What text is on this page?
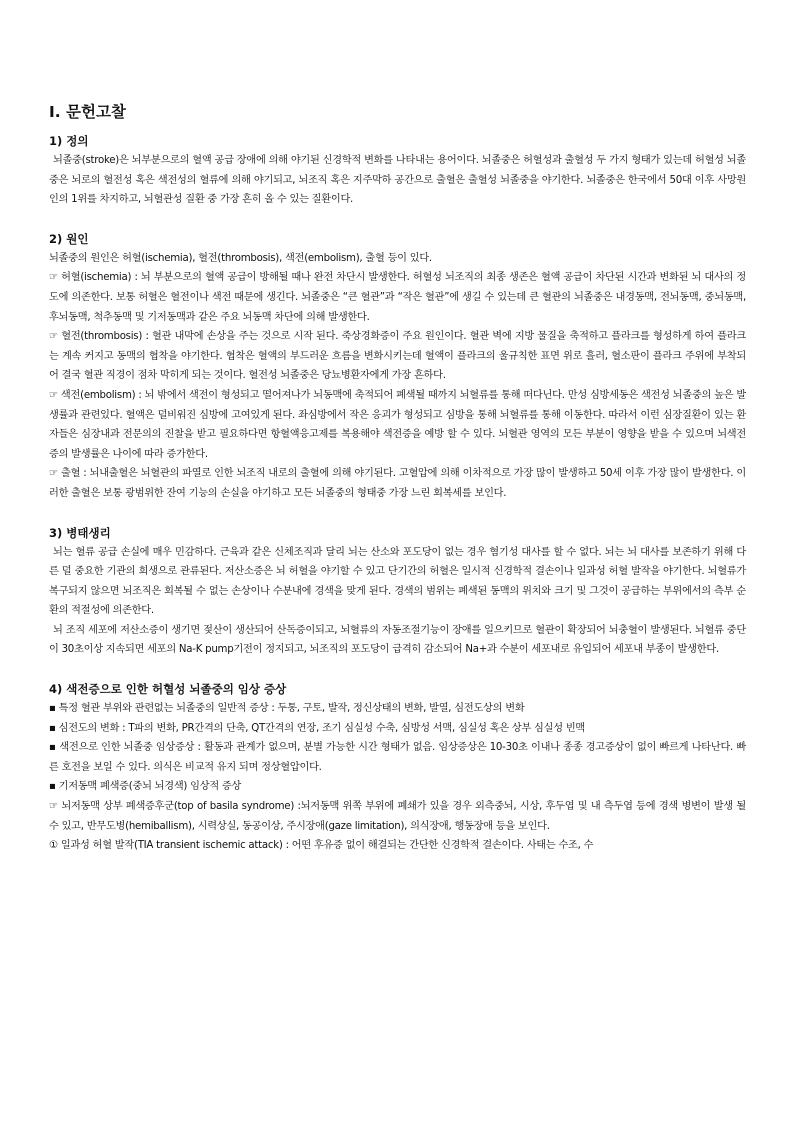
Ⅰ. 문헌고찰
1) 정의
뇌졸중(stroke)은 뇌부분으로의 혈액 공급 장애에 의해 야기된 신경학적 변화를 나타내는 용어이다. 뇌졸중은 허혈성과 출혈성 두 가지 형태가 있는데 허혈성 뇌졸중은 뇌로의 혈전성 혹은 색전성의 혈류에 의해 야기되고, 뇌조직 혹은 지주막하 공간으로 출혈은 출혈성 뇌졸중을 야기한다. 뇌졸중은 한국에서 50대 이후 사망원인의 1위를 차지하고, 뇌혈관성 질환 중 가장 흔히 올 수 있는 질환이다.
2) 원인
뇌졸중의 원인은 허혈(ischemia), 혈전(thrombosis), 색전(embolism), 출혈 등이 있다.
☞ 허혈(ischemia) : 뇌 부분으로의 혈액 공급이 방해될 때나 완전 차단시 발생한다. 허혈성 뇌조직의 최종 생존은 혈액 공급이 차단된 시간과 변화된 뇌 대사의 정도에 의존한다. 보통 허혈은 혈전이나 색전 때문에 생긴다. 뇌졸중은 “큰 혈관”과 “작은 혈관”에 생길 수 있는데 큰 혈관의 뇌졸중은 내경동맥, 전뇌동맥, 중뇌동맥, 후뇌동맥, 척추동맥 및 기저동맥과 같은 주요 뇌동맥 차단에 의해 발생한다.
☞ 혈전(thrombosis) : 혈관 내막에 손상을 주는 것으로 시작 된다. 죽상경화증이 주요 원인이다. 혈관 벽에 지방 물질을 축적하고 플라크를 형성하게 하여 플라크는 계속 커지고 동맥의 협착을 야기한다. 협착은 혈액의 부드러운 흐름을 변화시키는데 혈액이 플라크의 울규칙한 표면 위로 흘러, 혈소판이 플라크 주위에 부착되어 결국 혈관 직경이 점차 막히게 되는 것이다. 혈전성 뇌졸중은 당뇨병환자에게 가장 흔하다.
☞ 색전(embolism) : 뇌 밖에서 색전이 형성되고 떨어져나가 뇌동맥에 축적되어 폐색될 때까지 뇌혈류를 통해 떠다닌다. 만성 심방세동은 색전성 뇌졸중의 높은 발생률과 관련있다. 혈액은 덜비워진 심방에 고여있게 된다. 좌심방에서 작은 응괴가 형성되고 심방을 통해 뇌혈류를 통해 이동한다. 따라서 이런 심장질환이 있는 환자들은 심장내과 전문의의 진찰을 받고 필요하다면 항혈액응고제를 복용해야 색전증을 예방 할 수 있다. 뇌혈관 영역의 모든 부분이 영향을 받을 수 있으며 뇌색전증의 발생률은 나이에 따라 증가한다.
☞ 출혈 : 뇌내출혈은 뇌혈관의 파열로 인한 뇌조직 내로의 출혈에 의해 야기된다. 고혈압에 의해 이차적으로 가장 많이 발생하고 50세 이후 가장 많이 발생한다. 이러한 출혈은 보통 광범위한 잔여 기능의 손실을 야기하고 모든 뇌졸중의 형태중 가장 느린 회복세를 보인다.
3) 병태생리
뇌는 혈류 공급 손실에 매우 민감하다. 근육과 같은 신체조직과 달리 뇌는 산소와 포도당이 없는 경우 혐기성 대사를 할 수 없다. 뇌는 뇌 대사를 보존하기 위해 다른 덜 중요한 기관의 희생으로 관류된다. 저산소증은 뇌 허혈을 야기할 수 있고 단기간의 허혈은 일시적 신경학적 결손이나 일과성 허혈 발작을 야기한다. 뇌혈류가 복구되지 않으면 뇌조직은 회복될 수 없는 손상이나 수분내에 경색을 맞게 된다. 경색의 범위는 폐색된 동맥의 위치와 크기 및 그것이 공급하는 부위에서의 측부 순환의 적절성에 의존한다.
뇌 조직 세포에 저산소증이 생기면 젖산이 생산되어 산독증이되고, 뇌혈류의 자동조절기능이 장애를 일으키므로 혈관이 확장되어 뇌충혈이 발생된다. 뇌혈류 중단이 30초이상 지속되면 세포의 Na-K pump기전이 정지되고, 뇌조직의 포도당이 급격히 감소되어 Na+과 수분이 세포내로 유입되어 세포내 부종이 발생한다.
4) 색전증으로 인한 허혈성 뇌졸중의 임상 증상
▪ 특정 혈관 부위와 관련없는 뇌졸중의 일반적 증상 : 두통, 구토, 발작, 정신상태의 변화, 발열, 심전도상의 변화
▪ 심전도의 변화 : T파의 변화, PR간격의 단축, QT간격의 연장, 조기 심실성 수축, 심방성 서맥, 심실성 혹은 상부 심실성 빈맥
▪ 색전으로 인한 뇌졸중 임상증상 : 활동과 관계가 없으며, 분별 가능한 시간 형태가 없음. 임상증상은 10-30초 이내나 종종 경고증상이 없이 빠르게 나타난다. 빠른 호전을 보일 수 있다. 의식은 비교적 유지 되며 정상혈압이다.
▪ 기저동맥 폐색증(중뇌 뇌경색) 임상적 증상
☞ 뇌저동맥 상부 폐색증후군(top of basila syndrome) :뇌저동맥 위쪽 부위에 폐쇄가 있을 경우 외측중뇌, 시상, 후두엽 및 내 측두엽 등에 경색 병변이 발생 될 수 있고, 반무도병(hemiballism), 시력상실, 동공이상, 주시장애(gaze limitation), 의식장애, 행동장애 등을 보인다.
① 일과성 허혈 발작(TIA transient ischemic attack) : 어떤 후유증 없이 해결되는 간단한 신경학적 결손이다. 사태는 수조, 수
